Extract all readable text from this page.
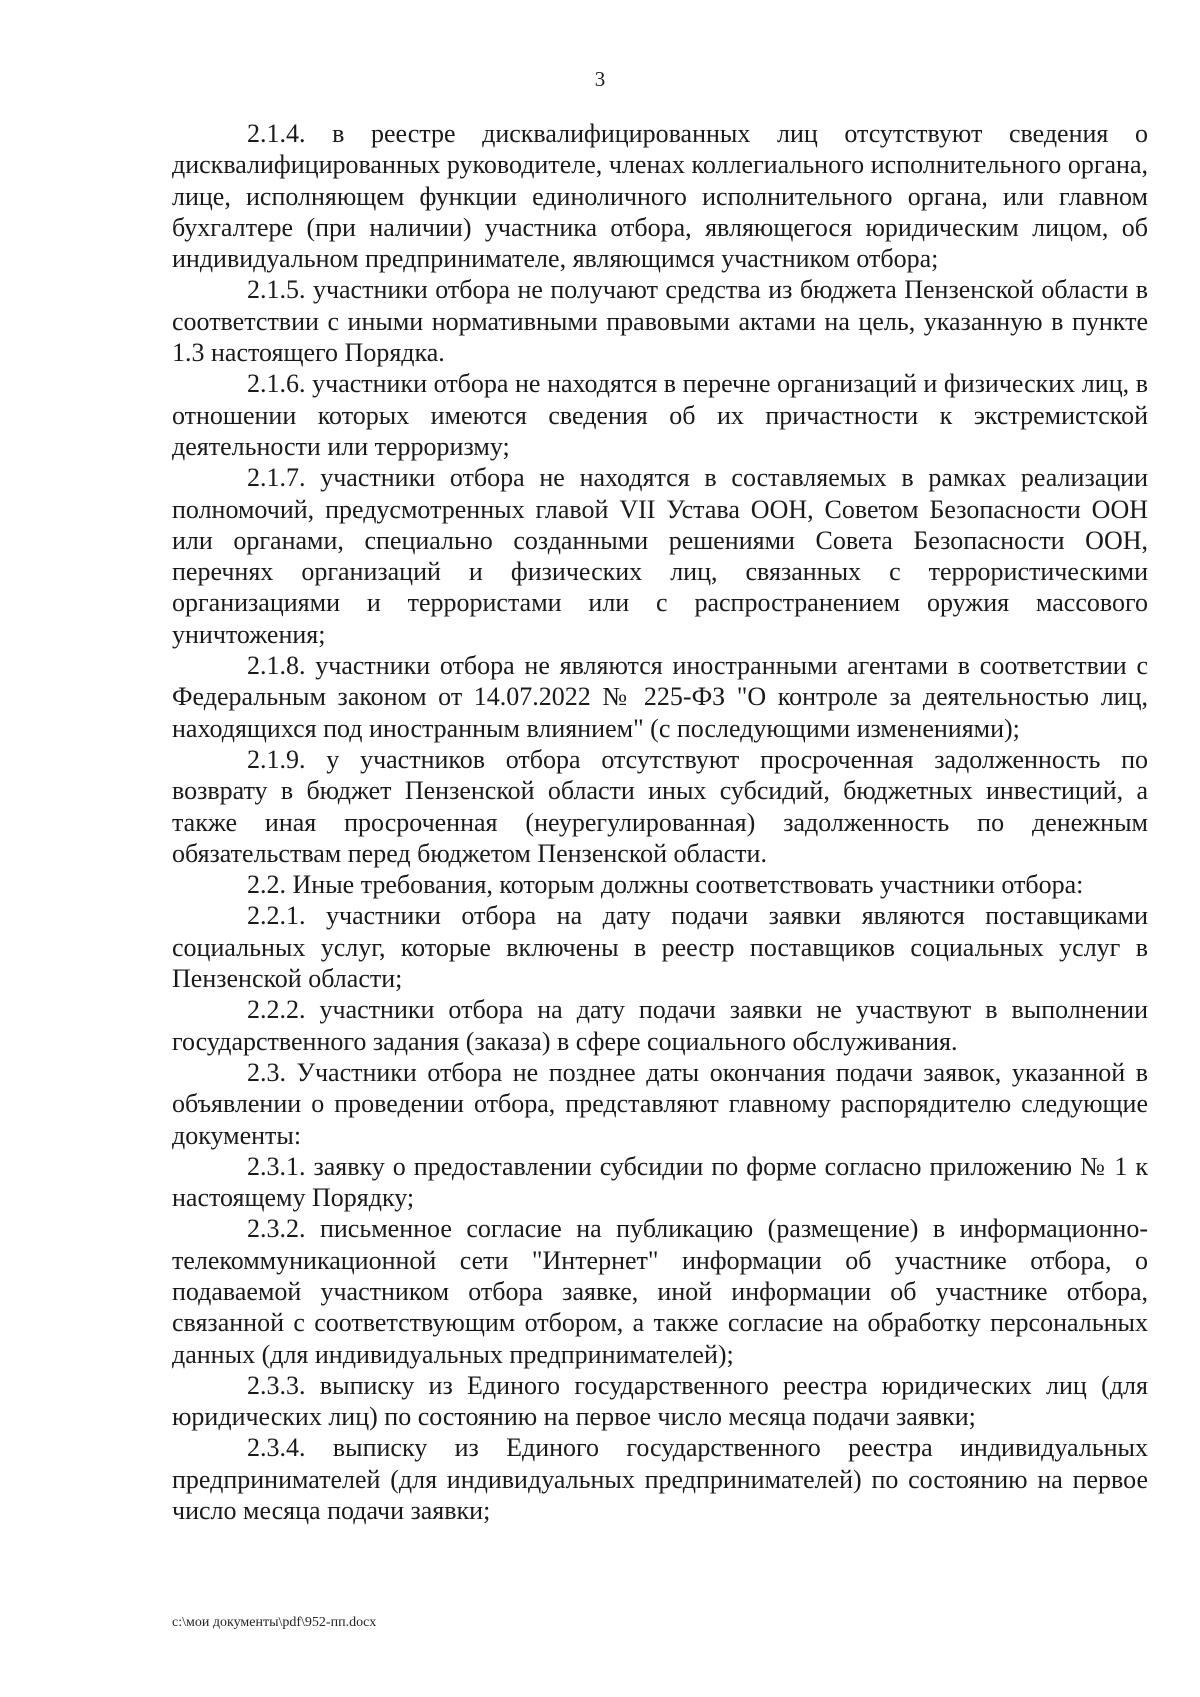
3

2.1.4. в реестре дисквалифицированных лиц отсутствуют сведения о дисквалифицированных руководителе, членах коллегиального исполнительного органа, лице, исполняющем функции единоличного исполнительного органа, или главном бухгалтере (при наличии) участника отбора, являющегося юридическим лицом, об индивидуальном предпринимателе, являющимся участником отбора;

2.1.5. участники отбора не получают средства из бюджета Пензенской области в соответствии с иными нормативными правовыми актами на цель, указанную в пункте 1.3 настоящего Порядка.

2.1.6. участники отбора не находятся в перечне организаций и физических лиц, в отношении которых имеются сведения об их причастности к экстремистской деятельности или терроризму;

2.1.7. участники отбора не находятся в составляемых в рамках реализации полномочий, предусмотренных главой VII Устава ООН, Советом Безопасности ООН или органами, специально созданными решениями Совета Безопасности ООН, перечнях организаций и физических лиц, связанных с террористическими организациями и террористами или с распространением оружия массового уничтожения;

2.1.8. участники отбора не являются иностранными агентами в соответствии с Федеральным законом от 14.07.2022 № 225-ФЗ "О контроле за деятельностью лиц, находящихся под иностранным влиянием" (с последующими изменениями);

2.1.9. у участников отбора отсутствуют просроченная задолженность по возврату в бюджет Пензенской области иных субсидий, бюджетных инвестиций, а также иная просроченная (неурегулированная) задолженность по денежным обязательствам перед бюджетом Пензенской области.

2.2. Иные требования, которым должны соответствовать участники отбора:

2.2.1. участники отбора на дату подачи заявки являются поставщиками социальных услуг, которые включены в реестр поставщиков социальных услуг в Пензенской области;

2.2.2. участники отбора на дату подачи заявки не участвуют в выполнении государственного задания (заказа) в сфере социального обслуживания.

2.3. Участники отбора не позднее даты окончания подачи заявок, указанной в объявлении о проведении отбора, представляют главному распорядителю следующие документы:

2.3.1. заявку о предоставлении субсидии по форме согласно приложению № 1 к настоящему Порядку;

2.3.2. письменное согласие на публикацию (размещение) в информационно-телекоммуникационной сети "Интернет" информации об участнике отбора, о подаваемой участником отбора заявке, иной информации об участнике отбора, связанной с соответствующим отбором, а также согласие на обработку персональных данных (для индивидуальных предпринимателей);

2.3.3. выписку из Единого государственного реестра юридических лиц (для юридических лиц) по состоянию на первое число месяца подачи заявки;

2.3.4. выписку из Единого государственного реестра индивидуальных предпринимателей (для индивидуальных предпринимателей) по состоянию на первое число месяца подачи заявки;

c:\мои документы\pdf\952-пп.docx
